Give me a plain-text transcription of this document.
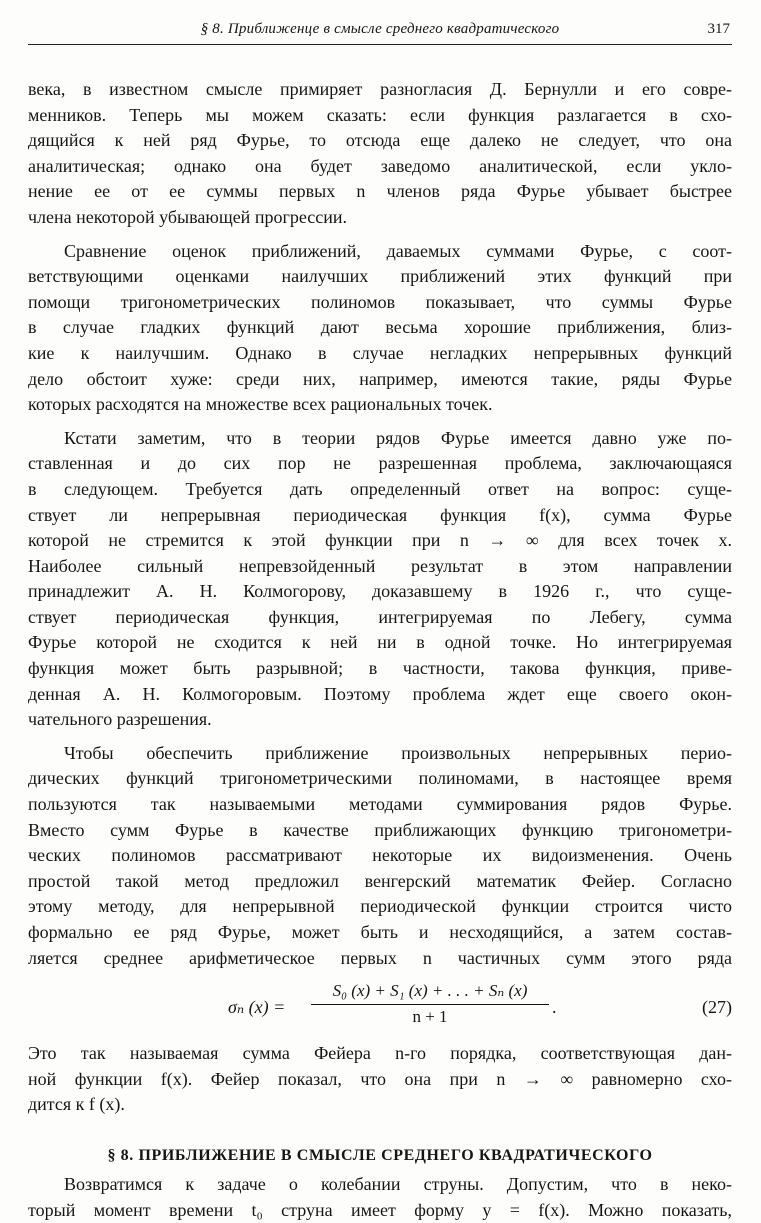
§ 8. Приближенце в смысле среднего квадратического	317

века, в известном смысле примиряет разногласия Д. Бернулли и его совре-

менников. Теперь мы можем сказать: если функция разлагается в схо-

дящийся к ней ряд Фурье, то отсюда еще далеко не следует, что она

аналитическая; однако она будет заведомо аналитической, если укло-

нение ее от ее суммы первых n членов ряда Фурье убывает быстрее

члена некоторой убывающей прогрессии.

Сравнение оценок приближений, даваемых суммами Фурье, с соот-

ветствующими оценками наилучших приближений этих функций при

помощи тригонометрических полиномов показывает, что суммы Фурье

в случае гладких функций дают весьма хорошие приближения, близ-

кие к наилучшим. Однако в случае негладких непрерывных функций

дело обстоит хуже: среди них, например, имеются такие, ряды Фурье

которых расходятся на множестве всех рациональных точек.

Кстати заметим, что в теории рядов Фурье имеется давно уже по-

ставленная и до сих пор не разрешенная проблема, заключающаяся

в следующем. Требуется дать определенный ответ на вопрос: суще-

ствует ли непрерывная периодическая функция f(x), сумма Фурье

которой не стремится к этой функции при n → ∞ для всех точек x.

Наиболее сильный непревзойденный результат в этом направлении

принадлежит А. Н. Колмогорову, доказавшему в 1926 г., что суще-

ствует периодическая функция, интегрируемая по Лебегу, сумма

Фурье которой не сходится к ней ни в одной точке. Но интегрируемая

функция может быть разрывной; в частности, такова функция, приве-

денная А. Н. Колмогоровым. Поэтому проблема ждет еще своего окон-

чательного разрешения.

Чтобы обеспечить приближение произвольных непрерывных перио-

дических функций тригонометрическими полиномами, в настоящее время

пользуются так называемыми методами суммирования рядов Фурье.

Вместо сумм Фурье в качестве приближающих функцию тригонометри-

ческих полиномов рассматривают некоторые их видоизменения. Очень

простой такой метод предложил венгерский математик Фейер. Согласно

этому методу, для непрерывной периодической функции строится чисто

формально ее ряд Фурье, может быть и несходящийся, а затем состав-

ляется среднее арифметическое первых n частичных сумм этого ряда

σₙ (x) =
S₀ (x) + S₁ (x) + . . . + Sₙ (x)
n + 1	.	(27)

Это так называемая сумма Фейера n-го порядка, соответствующая дан-

ной функции f(x). Фейер показал, что она при n → ∞ равномерно схо-

дится к f (x).

§ 8. ПРИБЛИЖЕНИЕ В СМЫСЛЕ СРЕДНЕГО КВАДРАТИЧЕСКОГО

Возвратимся к задаче о колебании струны. Допустим, что в неко-

торый момент времени t₀ струна имеет форму y = f(x). Можно показать,
